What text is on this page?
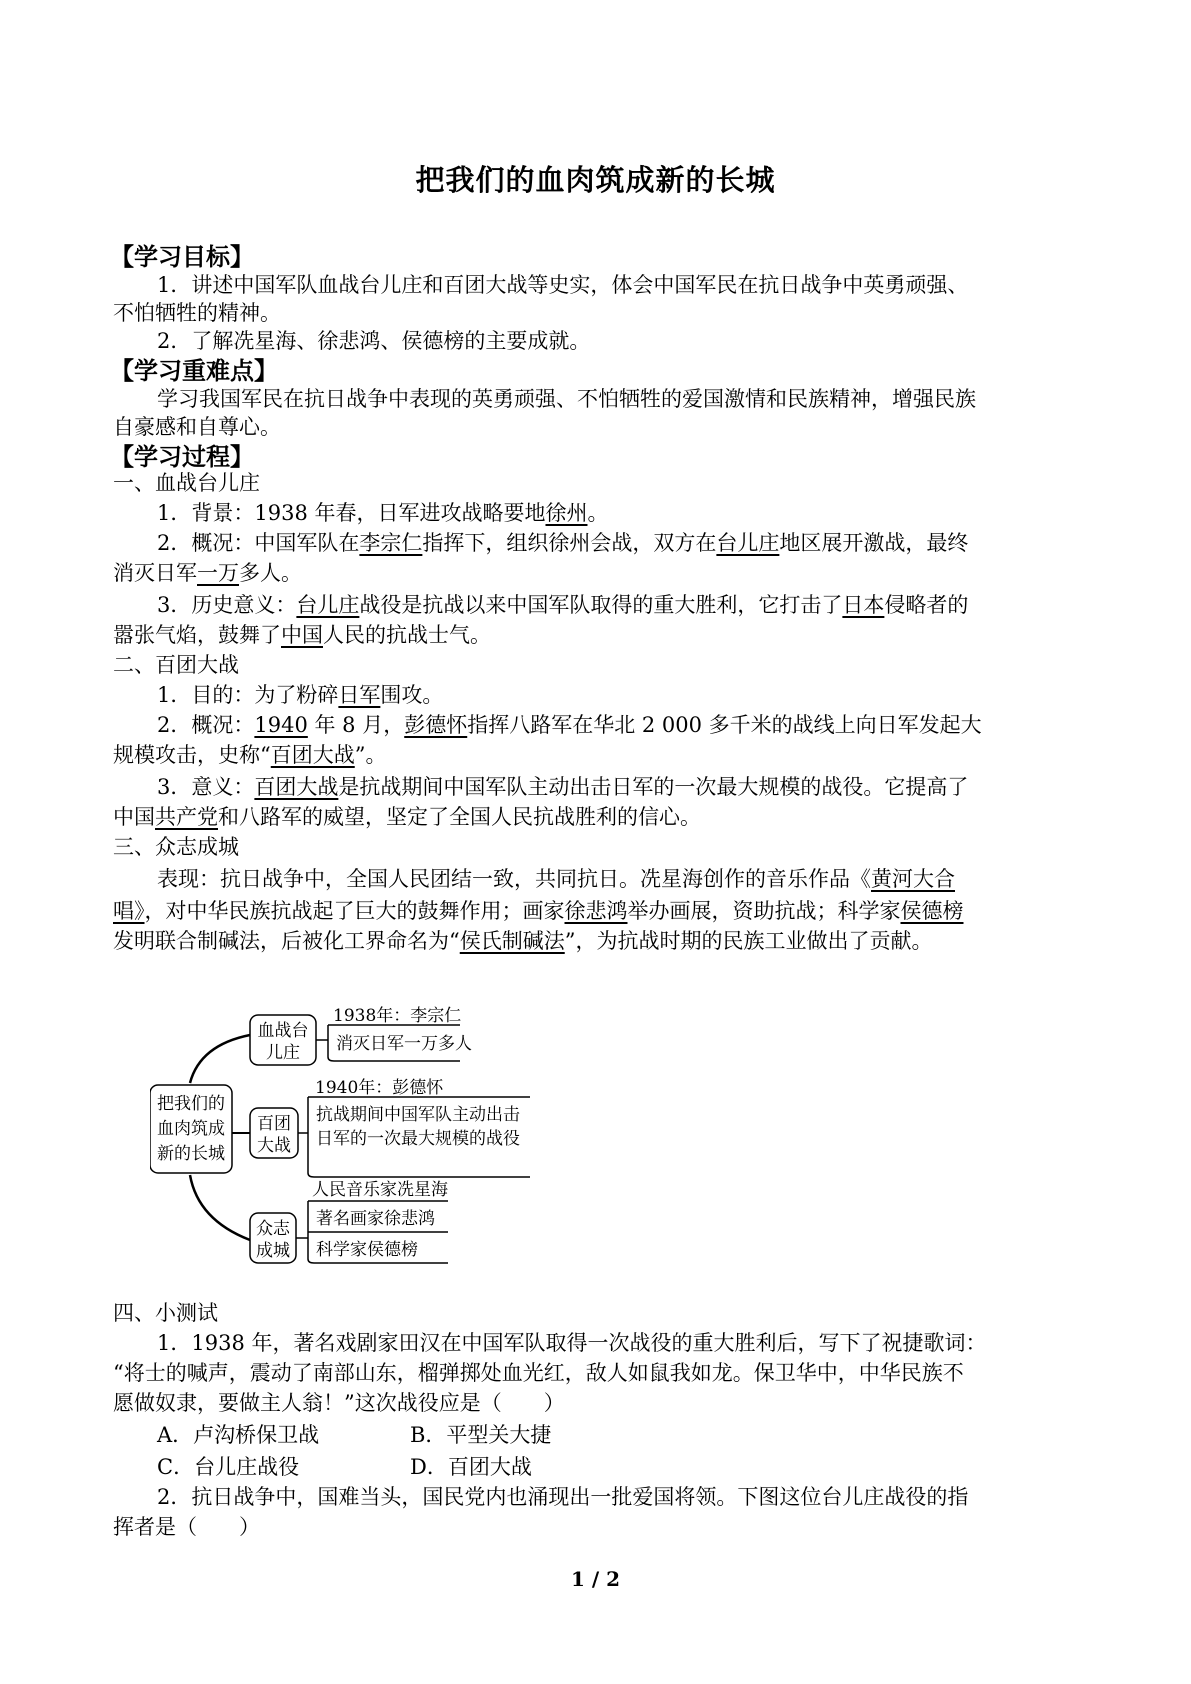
把我们的血肉筑成新的长城
【学习目标】
1．讲述中国军队血战台儿庄和百团大战等史实，体会中国军民在抗日战争中英勇顽强、
不怕牺牲的精神。
2．了解冼星海、徐悲鸿、侯德榜的主要成就。
【学习重难点】
学习我国军民在抗日战争中表现的英勇顽强、不怕牺牲的爱国激情和民族精神，增强民族
自豪感和自尊心。
【学习过程】
一、血战台儿庄
1．背景：1938 年春，日军进攻战略要地徐州。
2．概况：中国军队在李宗仁指挥下，组织徐州会战，双方在台儿庄地区展开激战，最终
消灭日军一万多人。
3．历史意义：台儿庄战役是抗战以来中国军队取得的重大胜利，它打击了日本侵略者的
嚣张气焰，鼓舞了中国人民的抗战士气。
二、百团大战
1．目的：为了粉碎日军围攻。
2．概况：1940 年 8 月，彭德怀指挥八路军在华北 2 000 多千米的战线上向日军发起大
规模攻击，史称“百团大战”。
3．意义：百团大战是抗战期间中国军队主动出击日军的一次最大规模的战役。它提高了
中国共产党和八路军的威望，坚定了全国人民抗战胜利的信心。
三、众志成城
表现：抗日战争中，全国人民团结一致，共同抗日。冼星海创作的音乐作品《黄河大合
唱》，对中华民族抗战起了巨大的鼓舞作用；画家徐悲鸿举办画展，资助抗战；科学家侯德榜
发明联合制碱法，后被化工界命名为“侯氏制碱法”，为抗战时期的民族工业做出了贡献。
把我们的
血肉筑成
新的长城
血战台
儿庄
1938年：李宗仁
消灭日军一万多人
百团
大战
1940年：彭德怀
抗战期间中国军队主动出击
日军的一次最大规模的战役
众志
成城
人民音乐家冼星海
著名画家徐悲鸿
科学家侯德榜
四、小测试
1．1938 年，著名戏剧家田汉在中国军队取得一次战役的重大胜利后，写下了祝捷歌词：
“将士的喊声，震动了南部山东，榴弹掷处血光红，敌人如鼠我如龙。保卫华中，中华民族不
愿做奴隶，要做主人翁！”这次战役应是（　　）
A．卢沟桥保卫战	B．平型关大捷
C．台儿庄战役	D．百团大战
2．抗日战争中，国难当头，国民党内也涌现出一批爱国将领。下图这位台儿庄战役的指
挥者是（　　）
1 / 2
